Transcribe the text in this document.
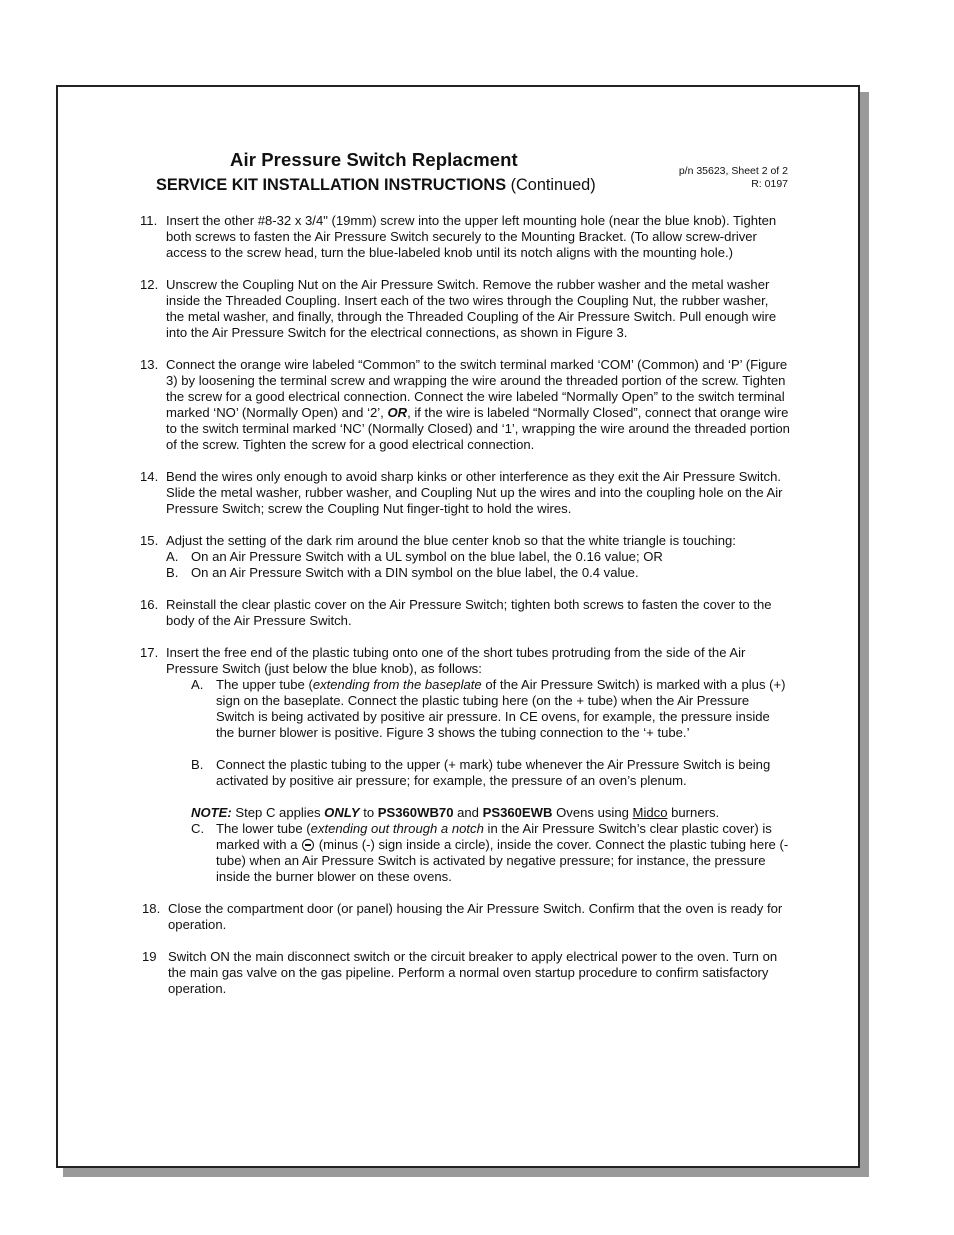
Air Pressure Switch Replacment
SERVICE KIT INSTALLATION INSTRUCTIONS (Continued)
p/n 35623, Sheet 2 of 2
R: 0197
11. Insert the other #8-32 x 3/4" (19mm) screw into the upper left mounting hole (near the blue knob). Tighten both screws to fasten the Air Pressure Switch securely to the Mounting Bracket. (To allow screw-driver access to the screw head, turn the blue-labeled knob until its notch aligns with the mounting hole.)
12. Unscrew the Coupling Nut on the Air Pressure Switch. Remove the rubber washer and the metal washer inside the Threaded Coupling. Insert each of the two wires through the Coupling Nut, the rubber washer, the metal washer, and finally, through the Threaded Coupling of the Air Pressure Switch. Pull enough wire into the Air Pressure Switch for the electrical connections, as shown in Figure 3.
13. Connect the orange wire labeled “Common” to the switch terminal marked ‘COM’ (Common) and ‘P’ (Figure 3) by loosening the terminal screw and wrapping the wire around the threaded portion of the screw. Tighten the screw for a good electrical connection. Connect the wire labeled “Normally Open” to the switch terminal marked ‘NO’ (Normally Open) and ‘2’, OR, if the wire is labeled “Normally Closed”, connect that orange wire to the switch terminal marked ‘NC’ (Normally Closed) and ‘1’, wrapping the wire around the threaded portion of the screw. Tighten the screw for a good electrical connection.
14. Bend the wires only enough to avoid sharp kinks or other interference as they exit the Air Pressure Switch. Slide the metal washer, rubber washer, and Coupling Nut up the wires and into the coupling hole on the Air Pressure Switch; screw the Coupling Nut finger-tight to hold the wires.
15. Adjust the setting of the dark rim around the blue center knob so that the white triangle is touching:
A. On an Air Pressure Switch with a UL symbol on the blue label, the 0.16 value; OR
B. On an Air Pressure Switch with a DIN symbol on the blue label, the 0.4 value.
16. Reinstall the clear plastic cover on the Air Pressure Switch; tighten both screws to fasten the cover to the body of the Air Pressure Switch.
17. Insert the free end of the plastic tubing onto one of the short tubes protruding from the side of the Air Pressure Switch (just below the blue knob), as follows:
A. The upper tube (extending from the baseplate of the Air Pressure Switch) is marked with a plus (+) sign on the baseplate. Connect the plastic tubing here (on the + tube) when the Air Pressure Switch is being activated by positive air pressure. In CE ovens, for example, the pressure inside the burner blower is positive. Figure 3 shows the tubing connection to the ‘+ tube.’
B. Connect the plastic tubing to the upper (+ mark) tube whenever the Air Pressure Switch is being activated by positive air pressure; for example, the pressure of an oven’s plenum.
NOTE: Step C applies ONLY to PS360WB70 and PS360EWB Ovens using Midco burners.
C. The lower tube (extending out through a notch in the Air Pressure Switch’s clear plastic cover) is marked with a  (minus (-) sign inside a circle), inside the cover. Connect the plastic tubing here (- tube) when an Air Pressure Switch is activated by negative pressure; for instance, the pressure inside the burner blower on these ovens.
18. Close the compartment door (or panel) housing the Air Pressure Switch. Confirm that the oven is ready for operation.
19 Switch ON the main disconnect switch or the circuit breaker to apply electrical power to the oven. Turn on the main gas valve on the gas pipeline. Perform a normal oven startup procedure to confirm satisfactory operation.
